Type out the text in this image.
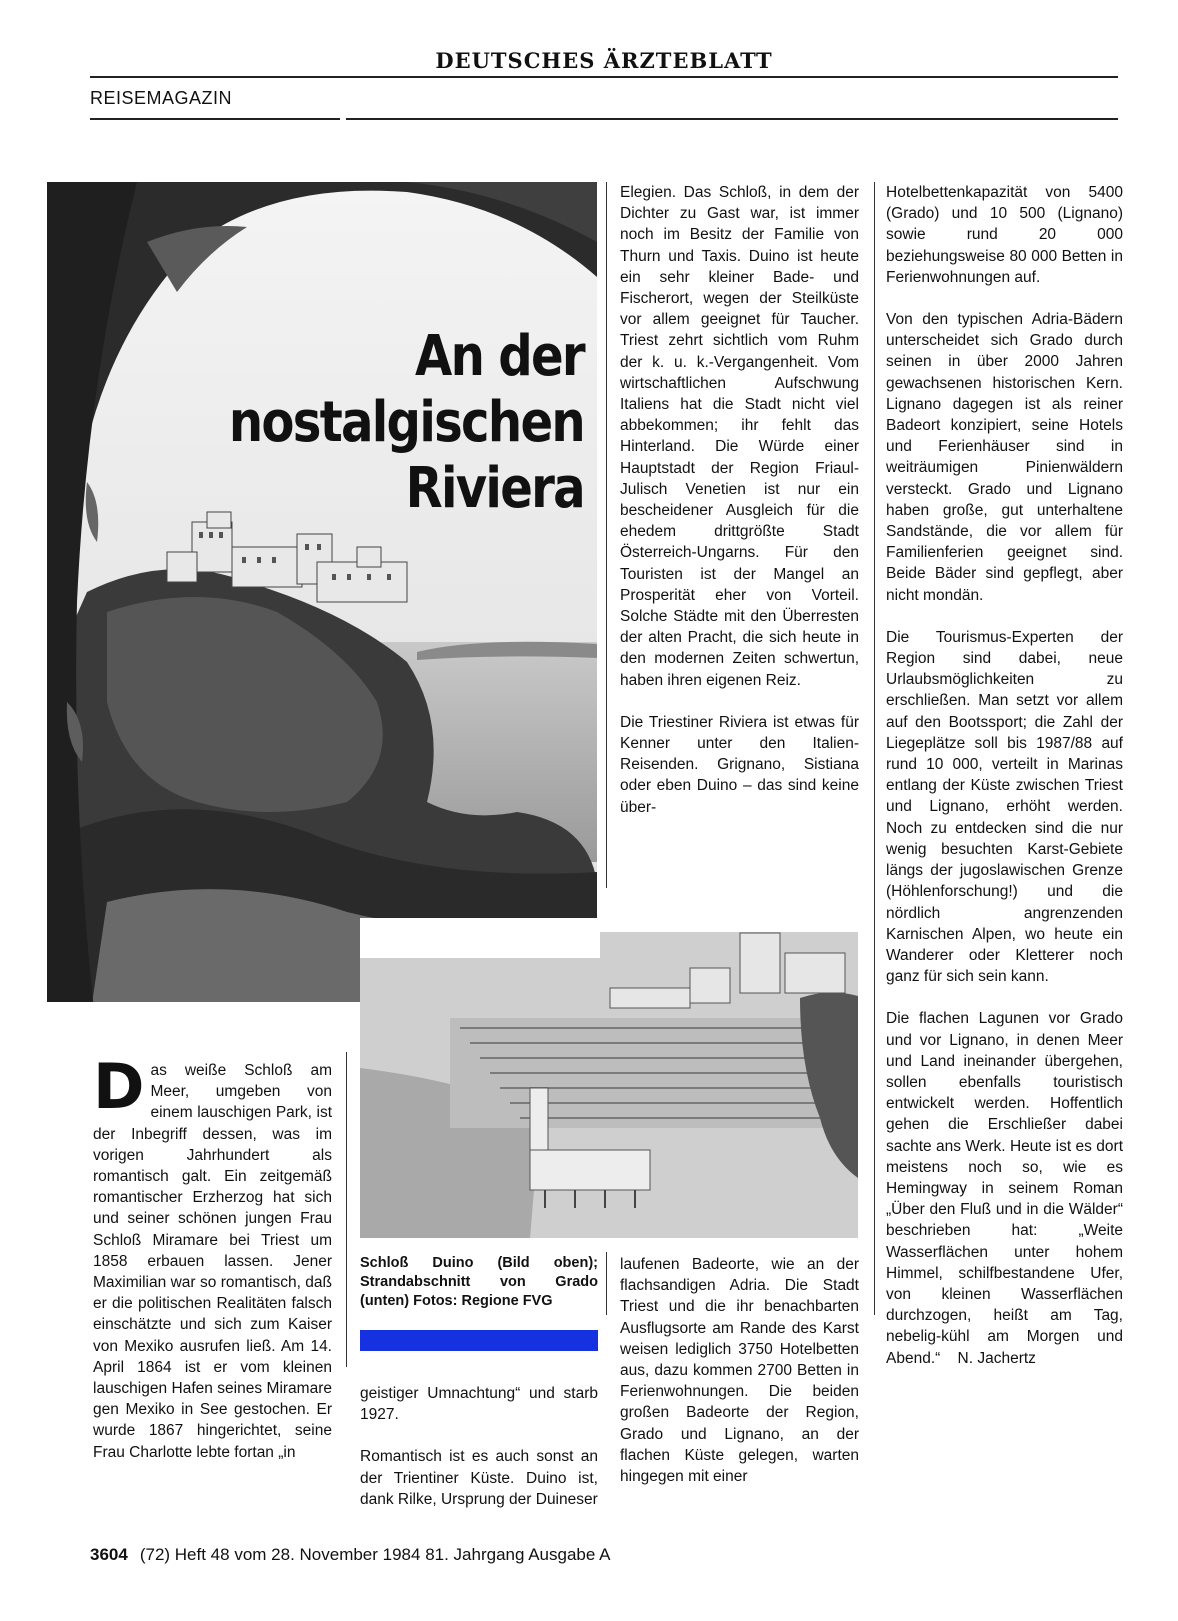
DEUTSCHES ÄRZTEBLATT
REISEMAGAZIN
An der
nostalgischen
Riviera

Das weiße Schloß am Meer, umgeben von einem lauschigen Park, ist der Inbegriff dessen, was im vorigen Jahrhundert als romantisch galt. Ein zeitgemäß romantischer Erzherzog hat sich und seiner schönen jungen Frau Schloß Miramare bei Triest um 1858 erbauen lassen. Jener Maximilian war so romantisch, daß er die politischen Realitäten falsch einschätzte und sich zum Kaiser von Mexiko ausrufen ließ. Am 14. April 1864 ist er vom kleinen lauschigen Hafen seines Miramare gen Mexiko in See gestochen. Er wurde 1867 hingerichtet, seine Frau Charlotte lebte fortan „in

Schloß Duino (Bild oben); Strandabschnitt von Grado (unten) Fotos: Regione FVG

geistiger Umnachtung“ und starb 1927.

Romantisch ist es auch sonst an der Trientiner Küste. Duino ist, dank Rilke, Ursprung der Duineser

Elegien. Das Schloß, in dem der Dichter zu Gast war, ist immer noch im Besitz der Familie von Thurn und Taxis. Duino ist heute ein sehr kleiner Bade- und Fischerort, wegen der Steilküste vor allem geeignet für Taucher. Triest zehrt sichtlich vom Ruhm der k. u. k.-Vergangenheit. Vom wirtschaftlichen Aufschwung Italiens hat die Stadt nicht viel abbekommen; ihr fehlt das Hinterland. Die Würde einer Hauptstadt der Region Friaul-Julisch Venetien ist nur ein bescheidener Ausgleich für die ehedem drittgrößte Stadt Österreich-Ungarns. Für den Touristen ist der Mangel an Prosperität eher von Vorteil. Solche Städte mit den Überresten der alten Pracht, die sich heute in den modernen Zeiten schwertun, haben ihren eigenen Reiz.

Die Triestiner Riviera ist etwas für Kenner unter den Italien-Reisenden. Grignano, Sistiana oder eben Duino – das sind keine über-

laufenen Badeorte, wie an der flachsandigen Adria. Die Stadt Triest und die ihr benachbarten Ausflugsorte am Rande des Karst weisen lediglich 3750 Hotelbetten aus, dazu kommen 2700 Betten in Ferienwohnungen. Die beiden großen Badeorte der Region, Grado und Lignano, an der flachen Küste gelegen, warten hingegen mit einer

Hotelbettenkapazität von 5400 (Grado) und 10 500 (Lignano) sowie rund 20 000 beziehungsweise 80 000 Betten in Ferienwohnungen auf.

Von den typischen Adria-Bädern unterscheidet sich Grado durch seinen in über 2000 Jahren gewachsenen historischen Kern. Lignano dagegen ist als reiner Badeort konzipiert, seine Hotels und Ferienhäuser sind in weiträumigen Pinienwäldern versteckt. Grado und Lignano haben große, gut unterhaltene Sandstände, die vor allem für Familienferien geeignet sind. Beide Bäder sind gepflegt, aber nicht mondän.

Die Tourismus-Experten der Region sind dabei, neue Urlaubsmöglichkeiten zu erschließen. Man setzt vor allem auf den Bootssport; die Zahl der Liegeplätze soll bis 1987/88 auf rund 10 000, verteilt in Marinas entlang der Küste zwischen Triest und Lignano, erhöht werden. Noch zu entdecken sind die nur wenig besuchten Karst-Gebiete längs der jugoslawischen Grenze (Höhlenforschung!) und die nördlich angrenzenden Karnischen Alpen, wo heute ein Wanderer oder Kletterer noch ganz für sich sein kann.

Die flachen Lagunen vor Grado und vor Lignano, in denen Meer und Land ineinander übergehen, sollen ebenfalls touristisch entwickelt werden. Hoffentlich gehen die Erschließer dabei sachte ans Werk. Heute ist es dort meistens noch so, wie es Hemingway in seinem Roman „Über den Fluß und in die Wälder“ beschrieben hat: „Weite Wasserflächen unter hohem Himmel, schilfbestandene Ufer, von kleinen Wasserflächen durchzogen, heißt am Tag, nebelig-kühl am Morgen und Abend.“ N. Jachertz

3604 (72) Heft 48 vom 28. November 1984 81. Jahrgang Ausgabe A
